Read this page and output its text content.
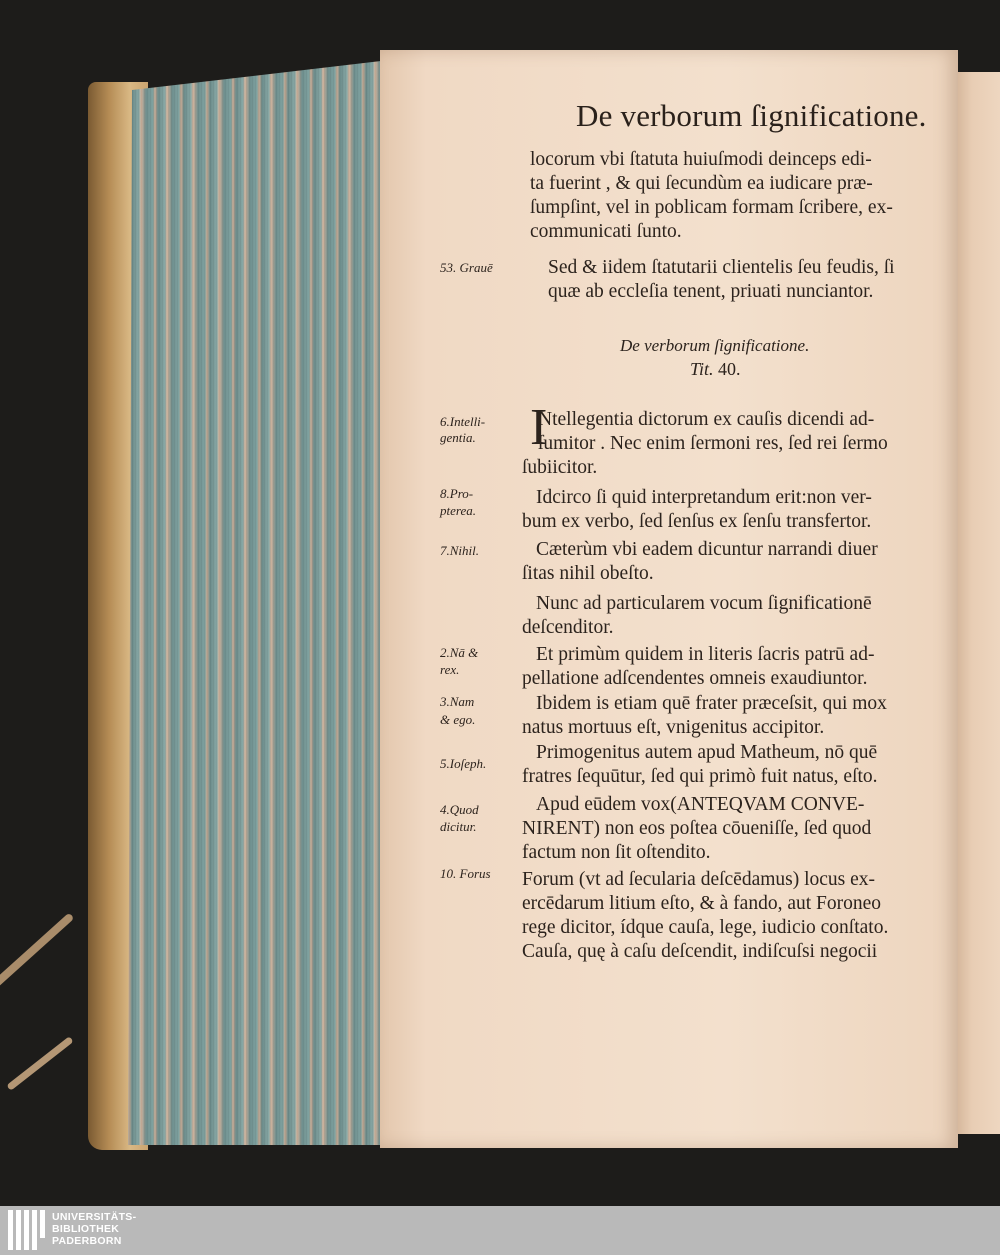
De verborum ſignificatione.
locorum vbi ſtatuta huiuſmodi deinceps edi-
ta fuerint , & qui ſecundùm ea iudicare præ-
ſumpſint, vel in poblicam formam ſcribere, ex-
communicati ſunto.
Sed & iidem ſtatutarii clientelis ſeu feudis, ſi
quæ ab eccleſia tenent, priuati nunciantor.
53. Grauē
De verborum ſignificatione.
Tit. 40.
I
Ntellegentia dictorum ex cauſis dicendi ad-
ſumitor . Nec enim ſermoni res, ſed rei ſermo
ſubiicitor.
Idcirco ſi quid interpretandum erit:non ver-
bum ex verbo, ſed ſenſus ex ſenſu transfertor.
Cæterùm vbi eadem dicuntur narrandi diuer
ſitas nihil obeſto.
Nunc ad particularem vocum ſignificationē
deſcenditor.
Et primùm quidem in literis ſacris patrū ad-
pellatione adſcendentes omneis exaudiuntor.
Ibidem is etiam quē frater præceſsit, qui mox
natus mortuus eſt, vnigenitus accipitor.
Primogenitus autem apud Matheum, nō quē
fratres ſequūtur, ſed qui primò fuit natus, eſto.
Apud eūdem vox(ANTEQVAM CONVE-
NIRENT) non eos poſtea cōueniſſe, ſed quod
factum non ſit oſtendito.
Forum (vt ad ſecularia deſcēdamus) locus ex-
ercēdarum litium eſto, & à fando, aut Foroneo
rege dicitor, ídque cauſa, lege, iudicio conſtato.
Cauſa, quę à caſu deſcendit, indiſcuſsi negocii
6.Intelli-
gentia.
8.Pro-
pterea.
7.Nihil.
2.Nā &
rex.
3.Nam
& ego.
5.Ioſeph.
4.Quod
dicitur.
10. Forus
UNIVERSITÄTS-
BIBLIOTHEK
PADERBORN
